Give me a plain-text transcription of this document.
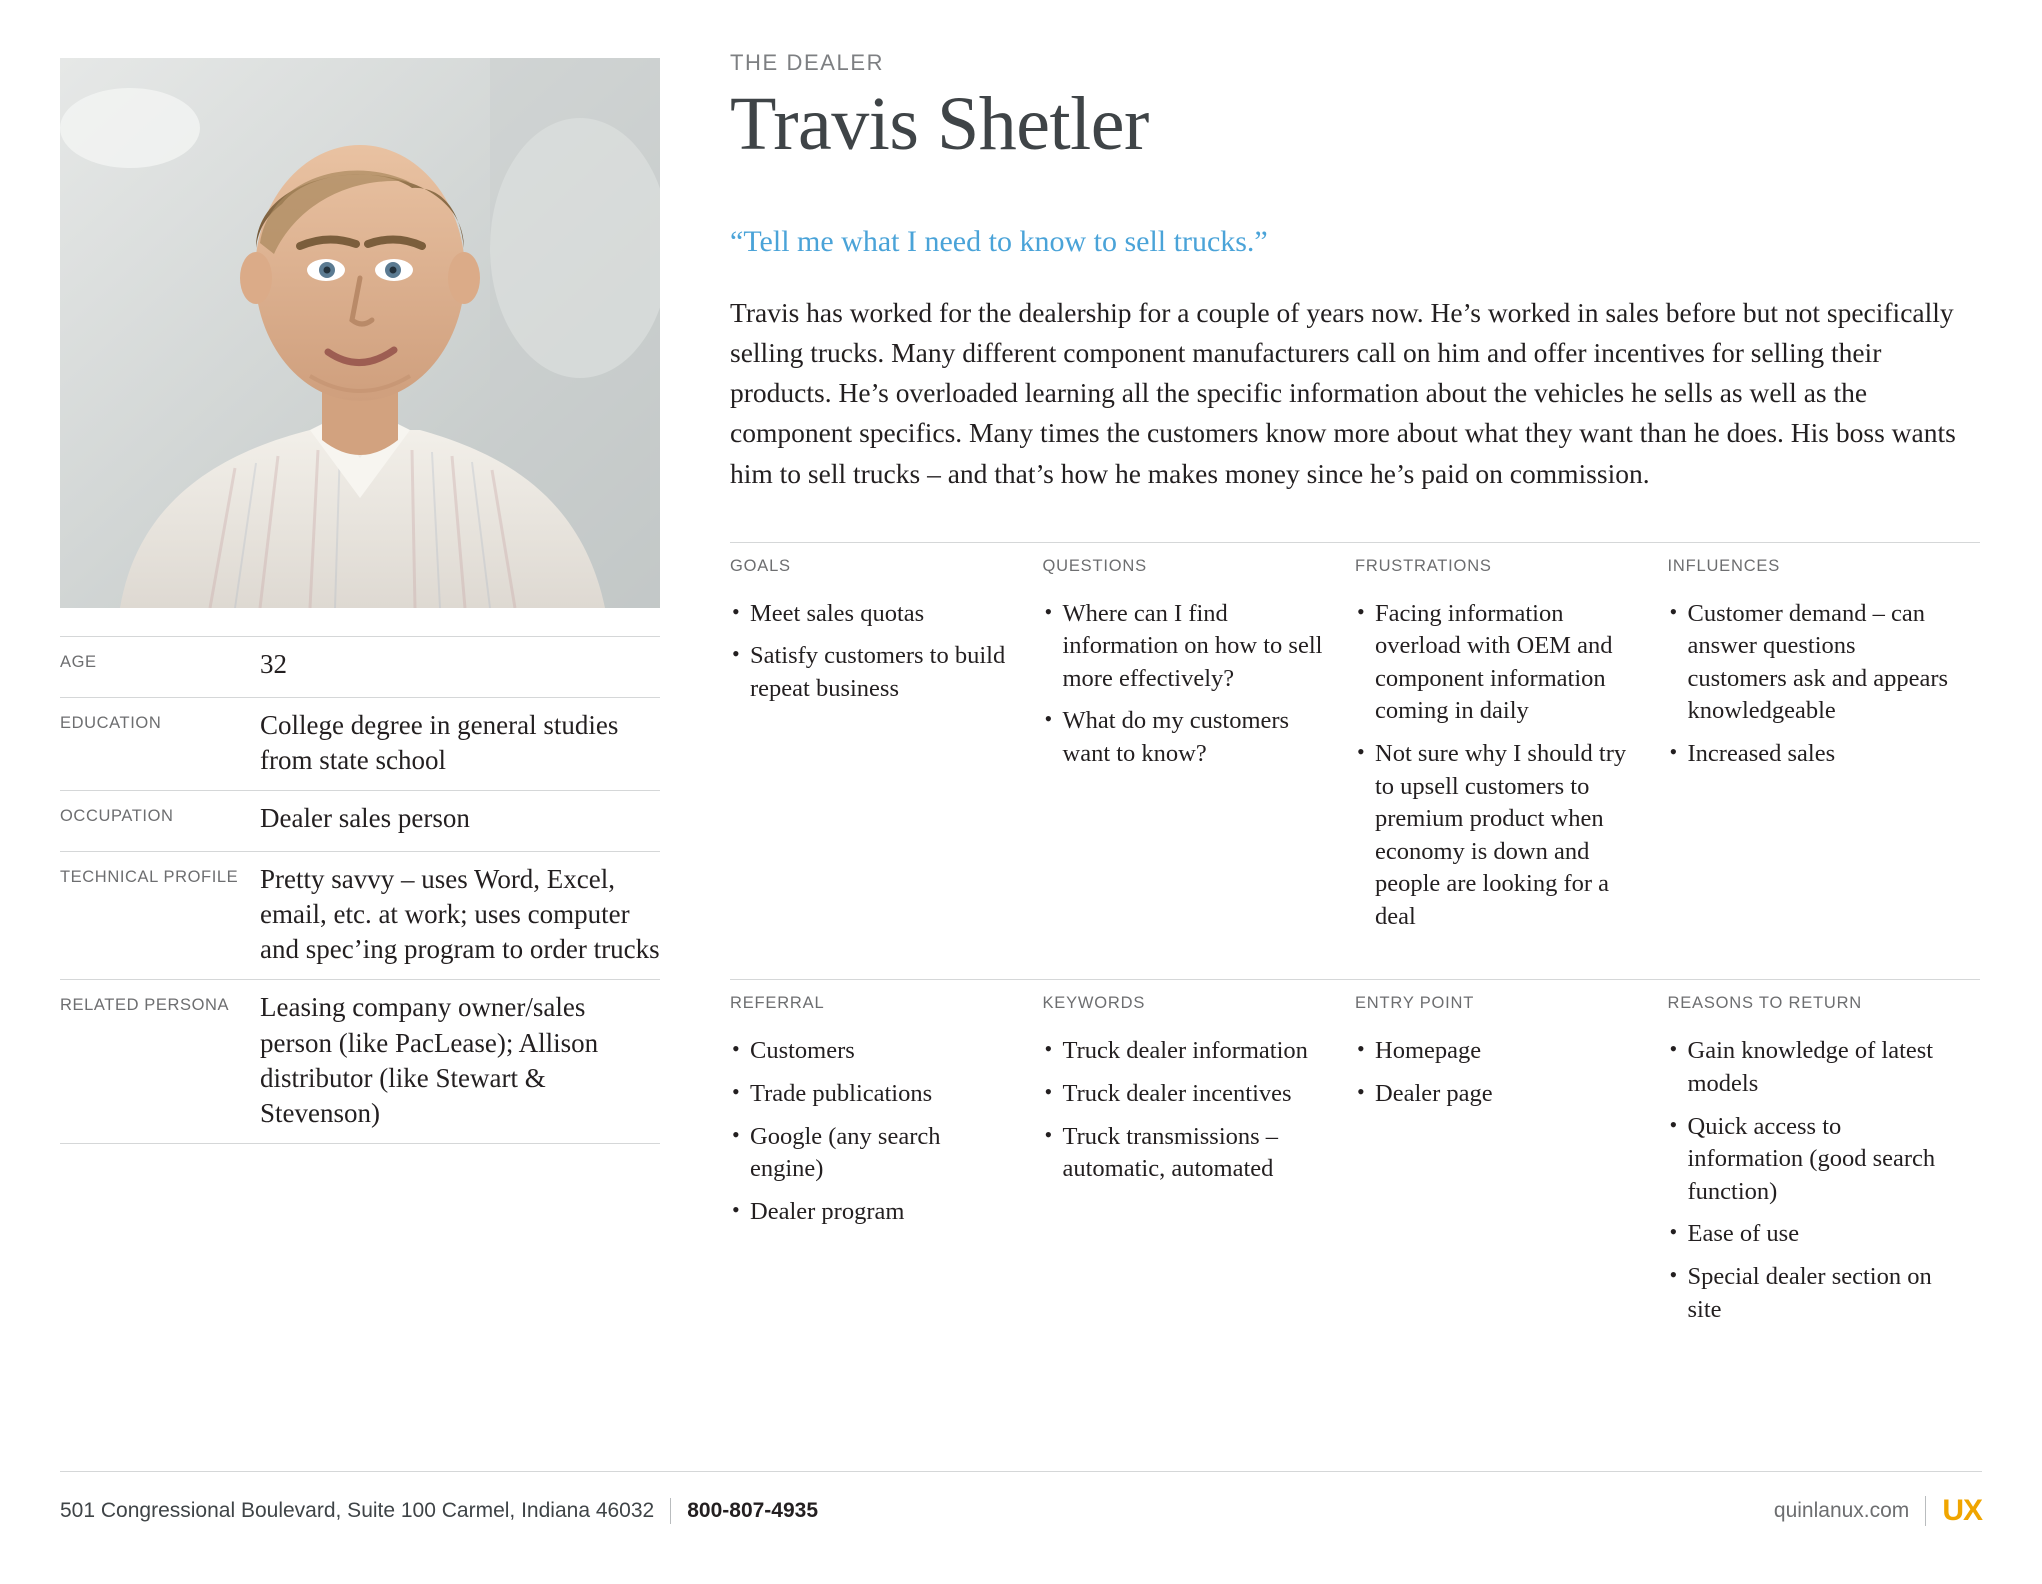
AGE	32
EDUCATION	College degree in general studies from state school
OCCUPATION	Dealer sales person
TECHNICAL PROFILE Pretty savvy – uses Word, Excel, email, etc. at work; uses computer and spec’ing program to order trucks
RELATED PERSONA	Leasing company owner/sales person (like PacLease); Allison distributor (like Stewart & Stevenson)
THE DEALER
Travis Shetler
“Tell me what I need to know to sell trucks.”
Travis has worked for the dealership for a couple of years now. He’s worked in sales before but not specifically selling trucks. Many different component manufacturers call on him and offer incentives for selling their products. He’s overloaded learning all the specific information about the vehicles he sells as well as the component specifics. Many times the customers know more about what they want than he does. His boss wants him to sell trucks – and that’s how he makes money since he’s paid on commission.
GOALS
• Meet sales quotas
• Satisfy customers to build repeat business
QUESTIONS
• Where can I find information on how to sell more effectively?
• What do my customers want to know?
FRUSTRATIONS
• Facing information overload with OEM and component information coming in daily
• Not sure why I should try to upsell customers to premium product when economy is down and people are looking for a deal
INFLUENCES
• Customer demand – can answer questions customers ask and appears knowledgeable
• Increased sales
REFERRAL
• Customers
• Trade publications
• Google (any search engine)
• Dealer program
KEYWORDS
• Truck dealer information
• Truck dealer incentives
• Truck transmissions – automatic, automated
ENTRY POINT
• Homepage
• Dealer page
REASONS TO RETURN
• Gain knowledge of latest models
• Quick access to information (good search function)
• Ease of use
• Special dealer section on site
501 Congressional Boulevard, Suite 100 Carmel, Indiana 46032 800-807-4935	quinlanux.com UX
